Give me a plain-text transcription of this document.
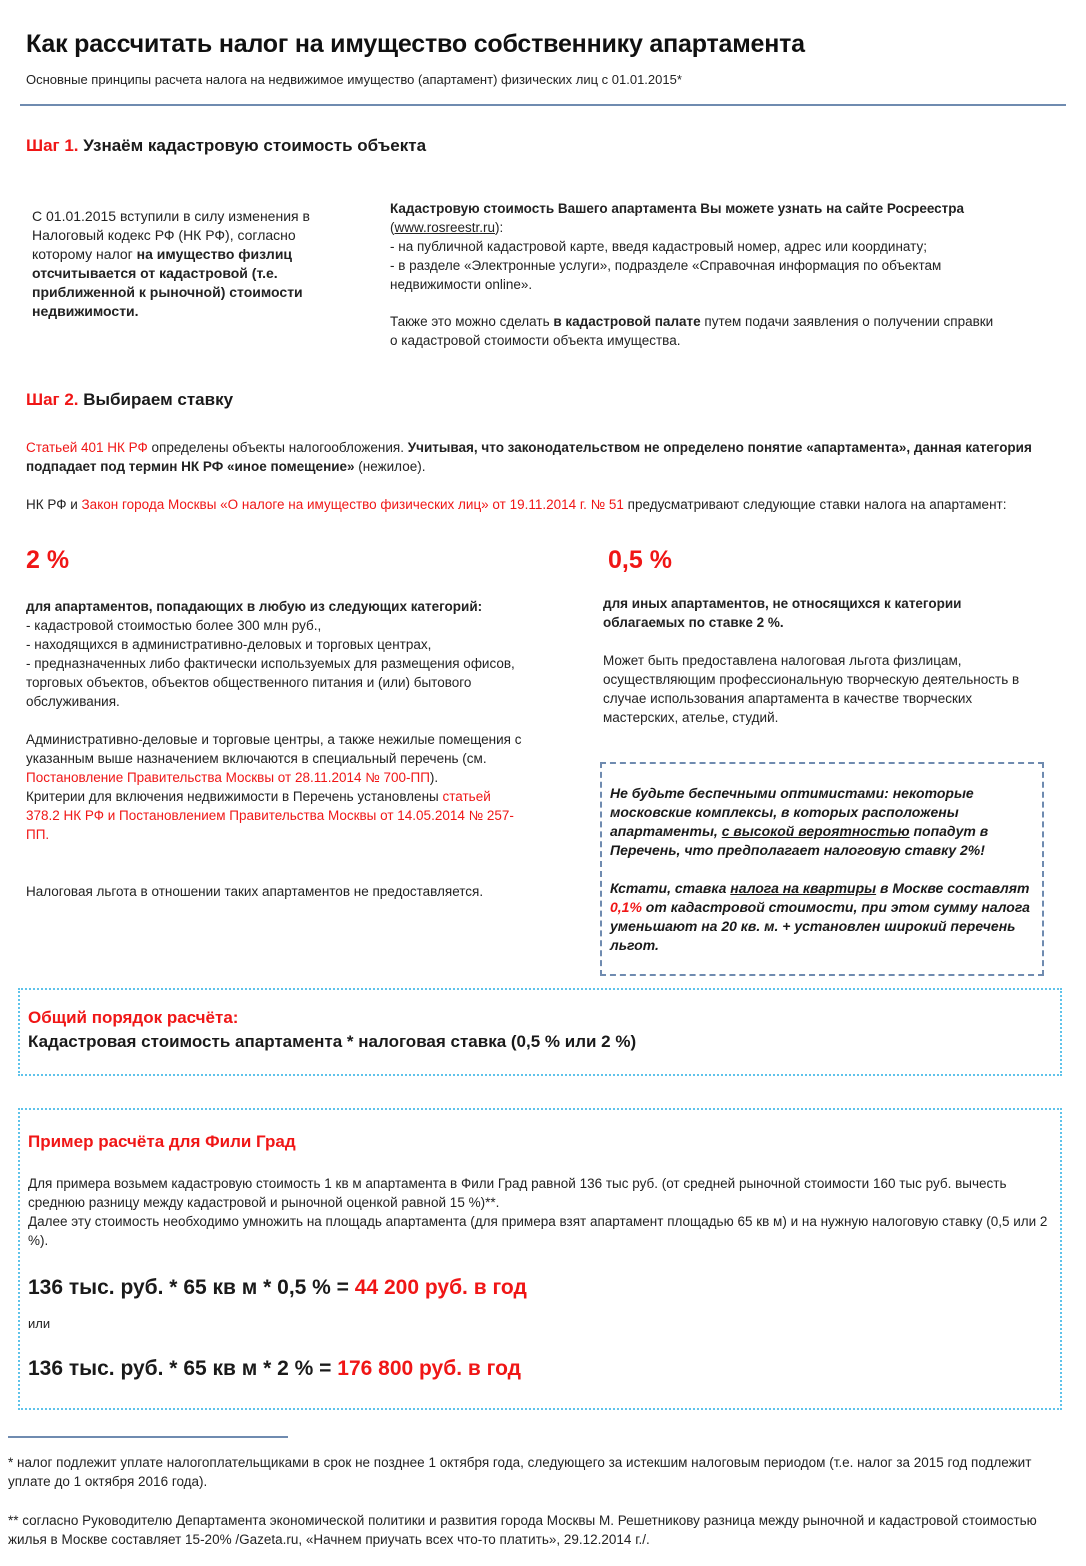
Как рассчитать налог на имущество собственнику апартамента
Основные принципы расчета налога на недвижимое имущество (апартамент) физических лиц с 01.01.2015*
Шаг 1. Узнаём кадастровую стоимость объекта
С 01.01.2015 вступили в силу изменения в Налоговый кодекс РФ (НК РФ), согласно которому налог на имущество физлиц отсчитывается от кадастровой (т.е. приближенной к рыночной) стоимости недвижимости.

Кадастровую стоимость Вашего апартамента Вы можете узнать на сайте Росреестра (www.rosreestr.ru):

- на публичной кадастровой карте, введя кадастровый номер, адрес или координату;

- в разделе «Электронные услуги», подразделе «Справочная информация по объектам недвижимости online».

Также это можно сделать в кадастровой палате путем подачи заявления о получении справки о кадастровой стоимости объекта имущества.

Шаг 2. Выбираем ставку
Статьей 401 НК РФ определены объекты налогообложения. Учитывая, что законодательством не определено понятие «апартамента», данная категория подпадает под термин НК РФ «иное помещение» (нежилое).
НК РФ и Закон города Москвы «О налоге на имущество физических лиц» от 19.11.2014 г. № 51 предусматривают следующие ставки налога на апартамент:
2 %	0,5 %
для апартаментов, попадающих в любую из следующих категорий:
- кадастровой стоимостью более 300 млн руб.,
- находящихся в административно-деловых и торговых центрах,
- предназначенных либо фактически используемых для размещения офисов, торговых объектов, объектов общественного питания и (или) бытового обслуживания.
Административно-деловые и торговые центры, а также нежилые помещения с указанным выше назначением включаются в специальный перечень (см. Постановление Правительства Москвы от 28.11.2014 № 700-ПП).
Критерии для включения недвижимости в Перечень установлены статьей 378.2 НК РФ и Постановлением Правительства Москвы от 14.05.2014 № 257-ПП.
Налоговая льгота в отношении таких апартаментов не предоставляется.
для иных апартаментов, не относящихся к категории облагаемых по ставке 2 %.
Может быть предоставлена налоговая льгота физлицам, осуществляющим профессиональную творческую деятельность в случае использования апартамента в качестве творческих мастерских, ателье, студий.
Не будьте беспечными оптимистами: некоторые московские комплексы, в которых расположены апартаменты, с высокой вероятностью попадут в Перечень, что предполагает налоговую ставку 2%!
Кстати, ставка налога на квартиры в Москве составлят 0,1% от кадастровой стоимости, при этом сумму налога уменьшают на 20 кв. м. + установлен широкий перечень льгот.
Общий порядок расчёта:
Кадастровая стоимость апартамента * налоговая ставка (0,5 % или 2 %)
Пример расчёта для Фили Град
Для примера возьмем кадастровую стоимость 1 кв м апартамента в Фили Град равной 136 тыс руб. (от средней рыночной стоимости 160 тыс руб. вычесть среднюю разницу между кадастровой и рыночной оценкой равной 15 %)**.
Далее эту стоимость необходимо умножить на площадь апартамента (для примера взят апартамент площадью 65 кв м) и на нужную налоговую ставку (0,5 или 2 %).
136 тыс. руб. * 65 кв м * 0,5 % = 44 200 руб. в год
или
136 тыс. руб. * 65 кв м * 2 % = 176 800 руб. в год
* налог подлежит уплате налогоплательщиками в срок не позднее 1 октября года, следующего за истекшим налоговым периодом (т.е. налог за 2015 год подлежит уплате до 1 октября 2016 года).
** согласно Руководителю Департамента экономической политики и развития города Москвы М. Решетникову разница между рыночной и кадастровой стоимостью жилья в Москве составляет 15-20% /Gazeta.ru, «Начнем приучать всех что-то платить», 29.12.2014 г./.
